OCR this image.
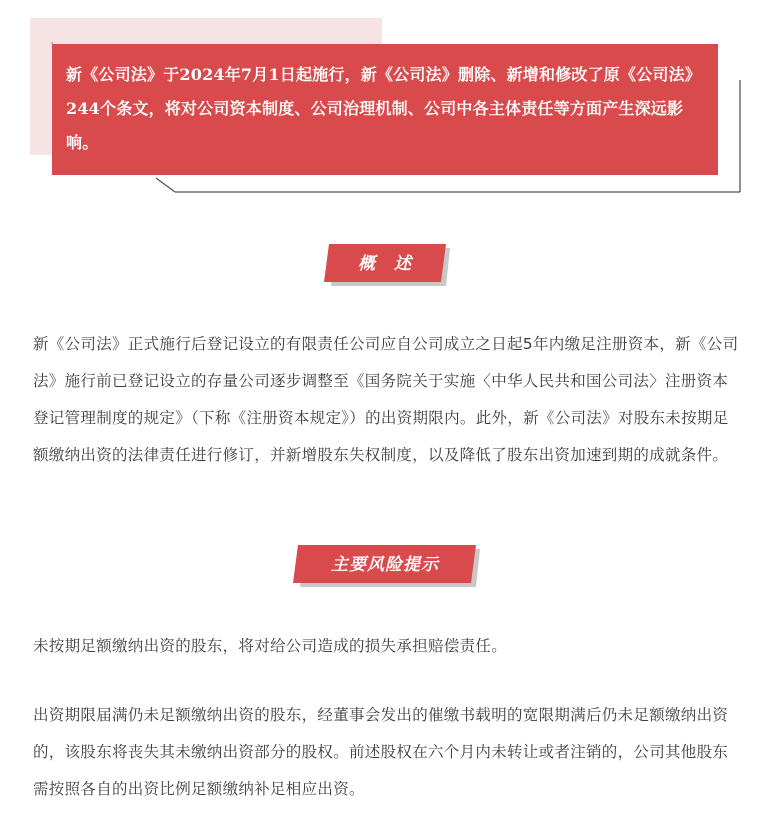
新《公司法》于2024年7月1日起施行，新《公司法》删除、新增和修改了原《公司法》244个条文，将对公司资本制度、公司治理机制、公司中各主体责任等方面产生深远影响。

概　述

新《公司法》正式施行后登记设立的有限责任公司应自公司成立之日起5年内缴足注册资本，新《公司法》施行前已登记设立的存量公司逐步调整至《国务院关于实施〈中华人民共和国公司法〉注册资本登记管理制度的规定》（下称《注册资本规定》）的出资期限内。此外，新《公司法》对股东未按期足额缴纳出资的法律责任进行修订，并新增股东失权制度，以及降低了股东出资加速到期的成就条件。

主要风险提示

未按期足额缴纳出资的股东，将对给公司造成的损失承担赔偿责任。

出资期限届满仍未足额缴纳出资的股东，经董事会发出的催缴书载明的宽限期满后仍未足额缴纳出资的，该股东将丧失其未缴纳出资部分的股权。前述股权在六个月内未转让或者注销的，公司其他股东需按照各自的出资比例足额缴纳补足相应出资。
